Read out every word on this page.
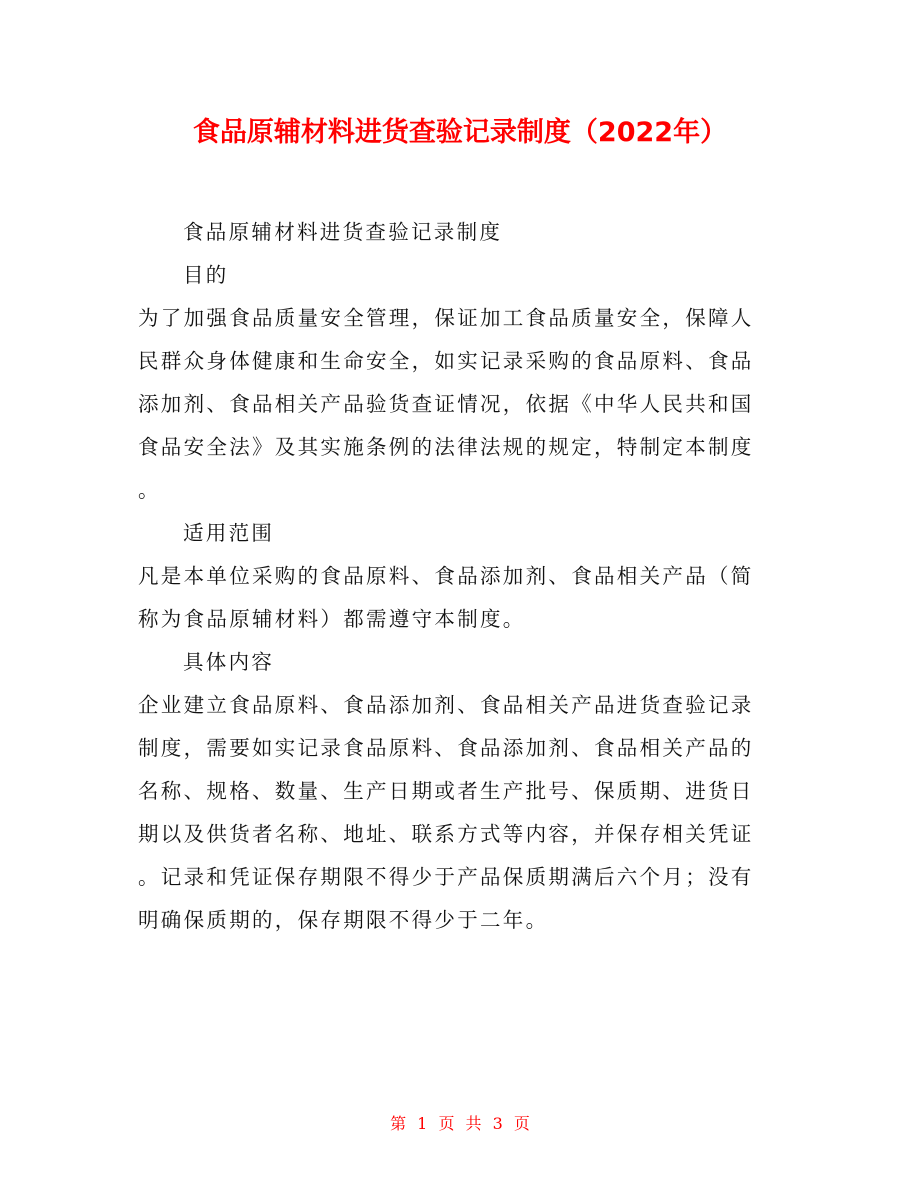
食品原辅材料进货查验记录制度（2022年）

食品原辅材料进货查验记录制度

目的

为了加强食品质量安全管理，保证加工食品质量安全，保障人
民群众身体健康和生命安全，如实记录采购的食品原料、食品
添加剂、食品相关产品验货查证情况，依据《中华人民共和国
食品安全法》及其实施条例的法律法规的规定，特制定本制度
。

适用范围

凡是本单位采购的食品原料、食品添加剂、食品相关产品（简
称为食品原辅材料）都需遵守本制度。

具体内容

企业建立食品原料、食品添加剂、食品相关产品进货查验记录
制度，需要如实记录食品原料、食品添加剂、食品相关产品的
名称、规格、数量、生产日期或者生产批号、保质期、进货日
期以及供货者名称、地址、联系方式等内容，并保存相关凭证
。记录和凭证保存期限不得少于产品保质期满后六个月；没有
明确保质期的，保存期限不得少于二年。

第 1 页 共 3 页
